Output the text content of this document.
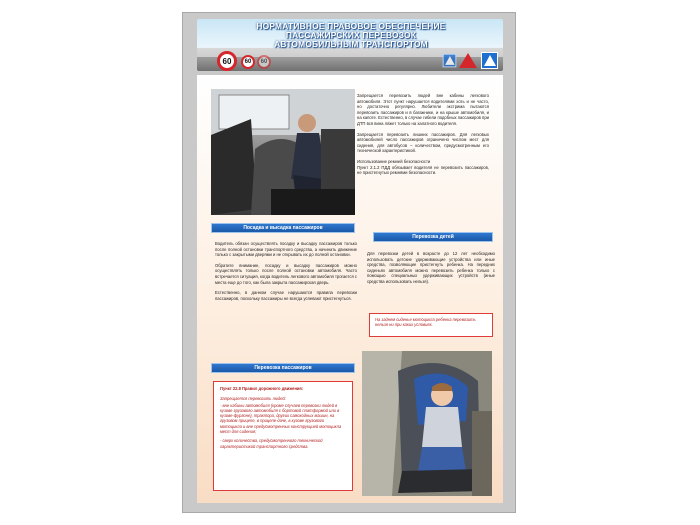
НОРМАТИВНОЕ ПРАВОВОЕ ОБЕСПЕЧЕНИЕ
ПАССАЖИРСКИХ ПЕРЕВОЗОК
АВТОМОБИЛЬНЫМ ТРАНСПОРТОМ
60	60	60

Запрещается перевозить людей вне кабины легкового автомобиля. Этот пункт нарушается водителями хоть и не часто, но достаточно регулярно. Любители экстрима пытаются перевозить пассажиров и в багажнике, и на крыше автомобиля, и на капоте. Естественно, в случае гибели подобных пассажиров при ДТП вся вина ляжет только на халатного водителя.

Запрещается перевозить лишних пассажиров. Для легковых автомобилей число пассажиров ограничено числом мест для сидения, для автобусов – количеством, предусмотренным его технической характеристикой.

Использование ремней безопасности

Пункт 2.1.2 ПДД обязывает водителя не перевозить пассажиров, не пристегнутых ремнями безопасности.

Посадка и высадка пассажиров
Перевозка детей

Водитель обязан осуществлять посадку и высадку пассажиров только после полной остановки транспортного средства, а начинать движение только с закрытыми дверями и не открывать их до полной остановки.

Обратите внимание, посадку и высадку пассажиров можно осуществлять только после полной остановки автомобиля. Часто встречается ситуация, когда водитель легкового автомобиля трогается с места еще до того, как была закрыта пассажирская дверь.

Естественно, в данном случае нарушаются правила перевозки пассажиров, поскольку пассажиры не всегда успевают пристегнуться.

Для перевозки детей в возрасте до 12 лет необходимо использовать детские удерживающие устройства или иные средства, позволяющие пристегнуть ребенка. На передних сиденьях автомобиля можно перевозить ребенка только с помощью специальных удерживающих устройств (иные средства использовать нельзя).

На заднем сиденье мотоцикла ребенка перевозить нельзя ни при каких условиях.
Перевозка пассажиров
Пункт 22.8 Правил дорожного движения:
Запрещается перевозить людей:
- вне кабины автомобиля (кроме случаев перевозки людей в кузове грузового автомобиля с бортовой платформой или в кузове-фургоне), трактора, других самоходных машин, на грузовом прицепе, в прицепе-даче, в кузове грузового мотоцикла и вне предусмотренных конструкцией мотоцикла мест для сидения;
- сверх количества, предусмотренного технической характеристикой транспортного средства.
